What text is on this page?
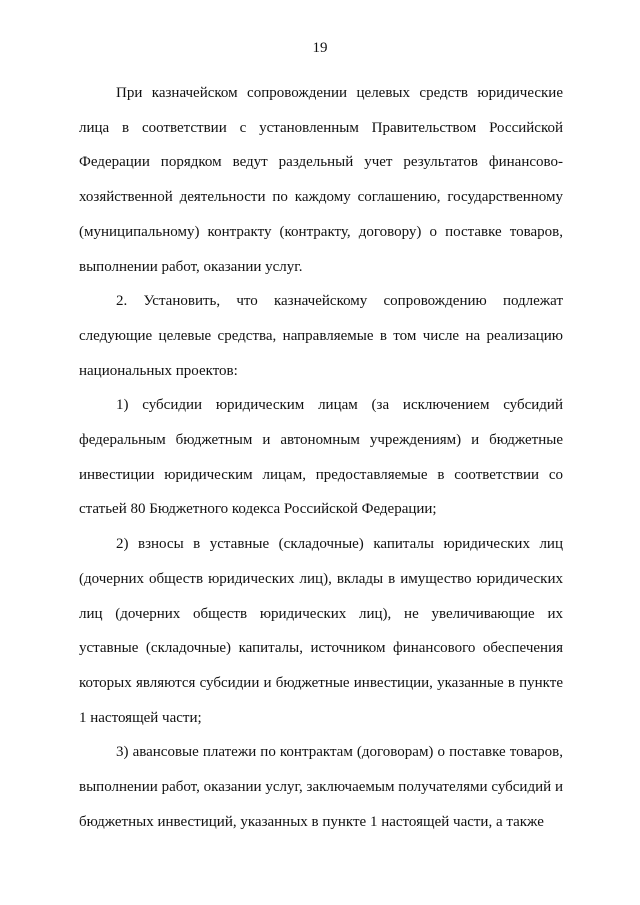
19

При казначейском сопровождении целевых средств юридические лица в соответствии с установленным Правительством Российской Федерации порядком ведут раздельный учет результатов финансово-хозяйственной деятельности по каждому соглашению, государственному (муниципальному) контракту (контракту, договору) о поставке товаров, выполнении работ, оказании услуг.

2. Установить, что казначейскому сопровождению подлежат следующие целевые средства, направляемые в том числе на реализацию национальных проектов:

1) субсидии юридическим лицам (за исключением субсидий федеральным бюджетным и автономным учреждениям) и бюджетные инвестиции юридическим лицам, предоставляемые в соответствии со статьей 80 Бюджетного кодекса Российской Федерации;

2) взносы в уставные (складочные) капиталы юридических лиц (дочерних обществ юридических лиц), вклады в имущество юридических лиц (дочерних обществ юридических лиц), не увеличивающие их уставные (складочные) капиталы, источником финансового обеспечения которых являются субсидии и бюджетные инвестиции, указанные в пункте 1 настоящей части;

3) авансовые платежи по контрактам (договорам) о поставке товаров, выполнении работ, оказании услуг, заключаемым получателями субсидий и бюджетных инвестиций, указанных в пункте 1 настоящей части, а также
